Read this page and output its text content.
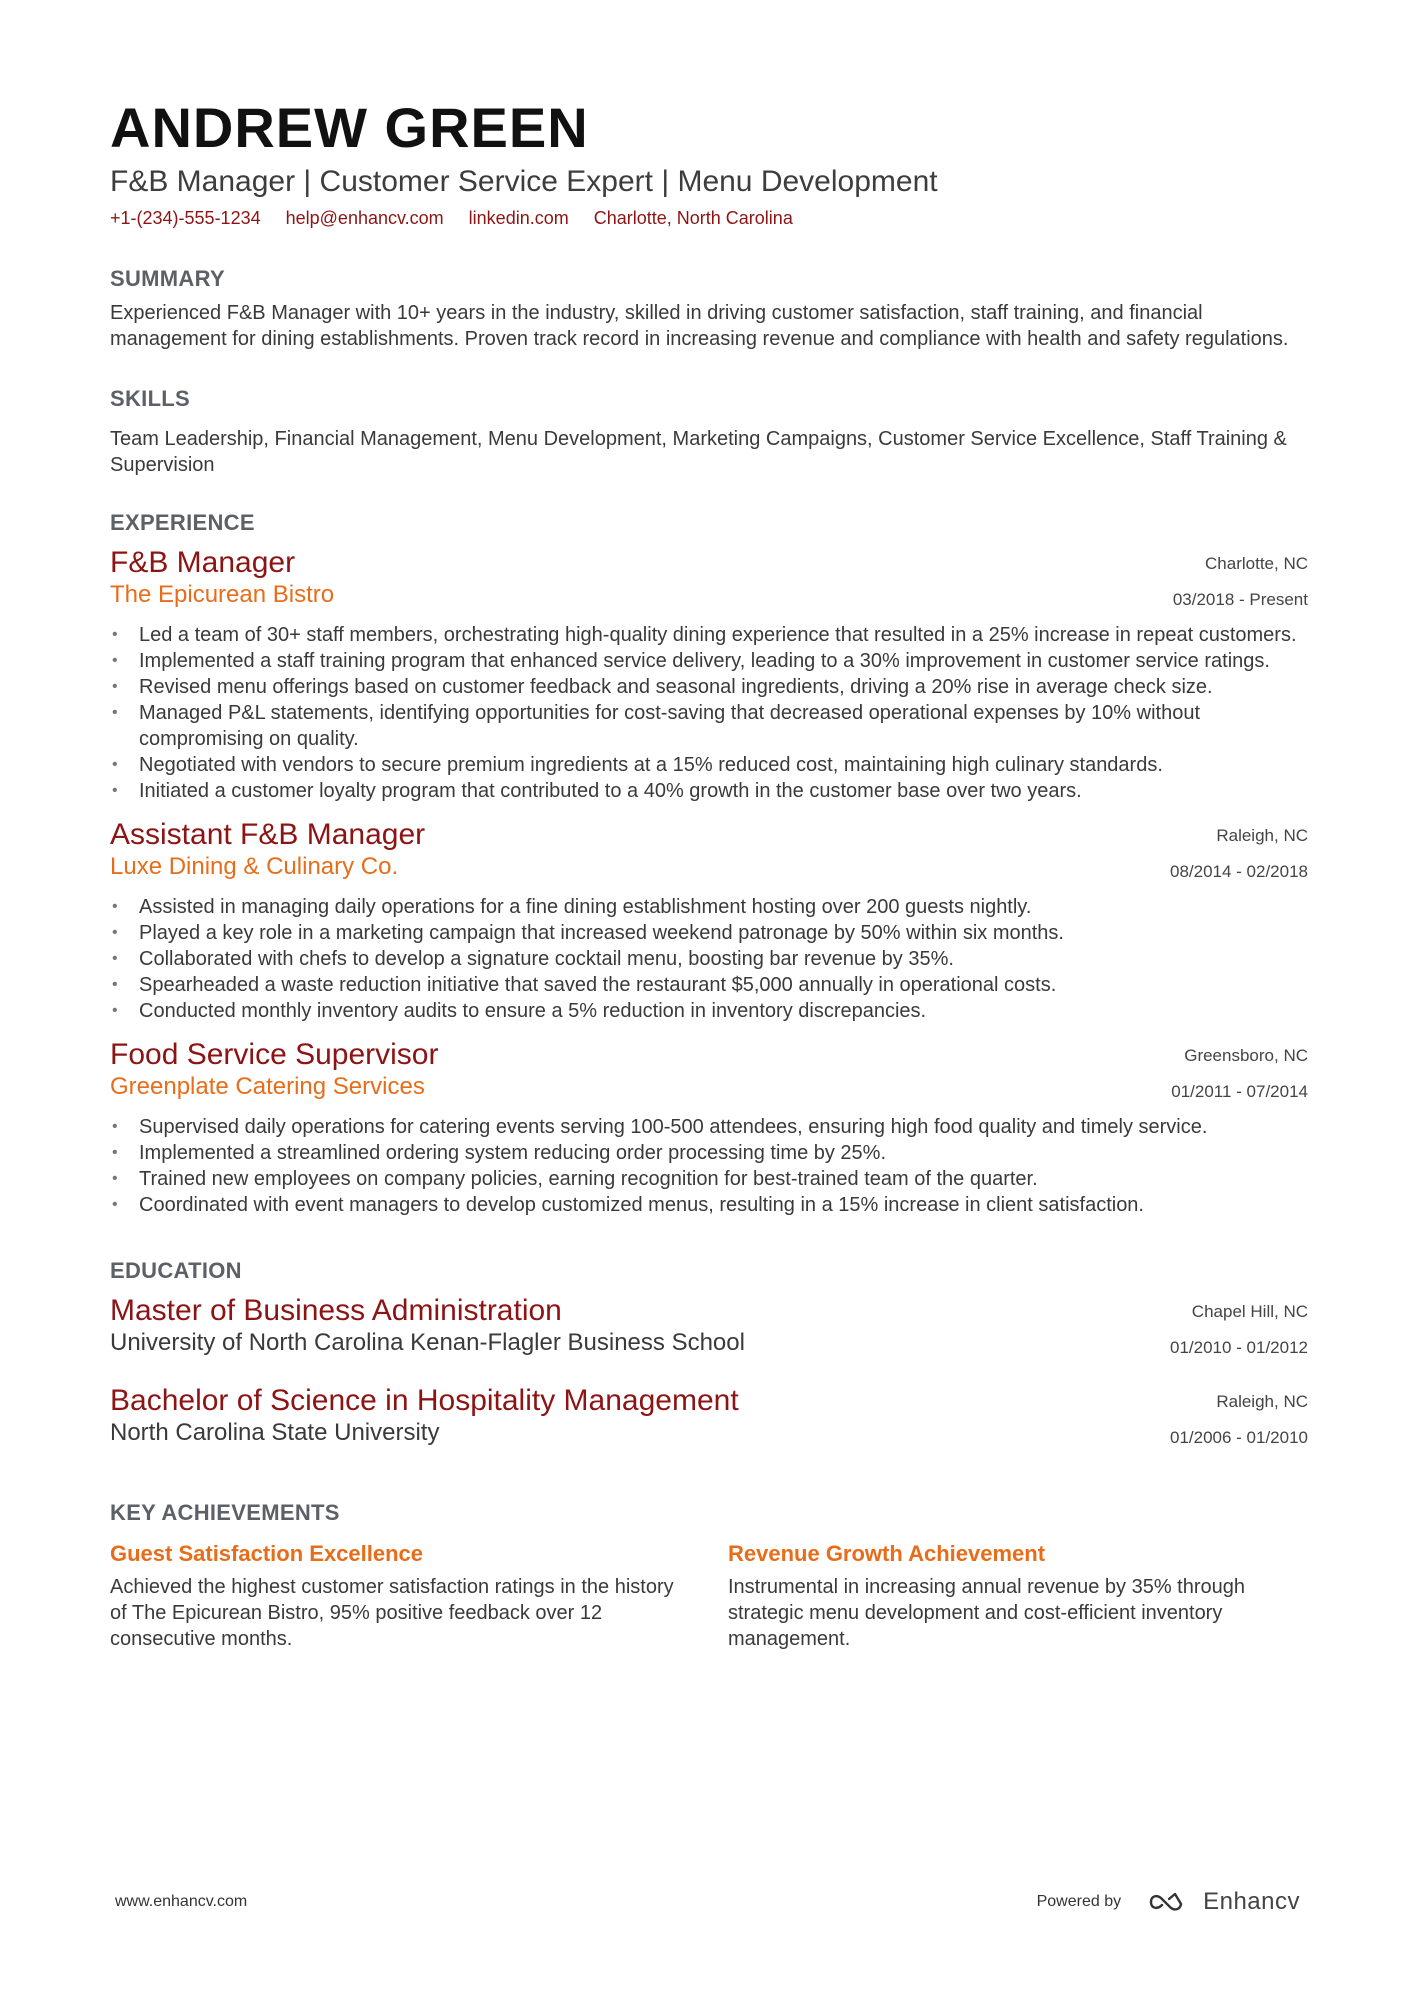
ANDREW GREEN
F&B Manager | Customer Service Expert | Menu Development
+1-(234)-555-1234 help@enhancv.com linkedin.com Charlotte, North Carolina
SUMMARY
Experienced F&B Manager with 10+ years in the industry, skilled in driving customer satisfaction, staff training, and financial management for dining establishments. Proven track record in increasing revenue and compliance with health and safety regulations.
SKILLS
Team Leadership, Financial Management, Menu Development, Marketing Campaigns, Customer Service Excellence, Staff Training & Supervision
EXPERIENCE
F&B Manager
The Epicurean Bistro
Charlotte, NC
03/2018 - Present
• Led a team of 30+ staff members, orchestrating high-quality dining experience that resulted in a 25% increase in repeat customers.
• Implemented a staff training program that enhanced service delivery, leading to a 30% improvement in customer service ratings.
• Revised menu offerings based on customer feedback and seasonal ingredients, driving a 20% rise in average check size.
• Managed P&L statements, identifying opportunities for cost-saving that decreased operational expenses by 10% without compromising on quality.
• Negotiated with vendors to secure premium ingredients at a 15% reduced cost, maintaining high culinary standards.
• Initiated a customer loyalty program that contributed to a 40% growth in the customer base over two years.
Assistant F&B Manager
Luxe Dining & Culinary Co.
Raleigh, NC
08/2014 - 02/2018
• Assisted in managing daily operations for a fine dining establishment hosting over 200 guests nightly.
• Played a key role in a marketing campaign that increased weekend patronage by 50% within six months.
• Collaborated with chefs to develop a signature cocktail menu, boosting bar revenue by 35%.
• Spearheaded a waste reduction initiative that saved the restaurant $5,000 annually in operational costs.
• Conducted monthly inventory audits to ensure a 5% reduction in inventory discrepancies.
Food Service Supervisor
Greenplate Catering Services
Greensboro, NC
01/2011 - 07/2014
• Supervised daily operations for catering events serving 100-500 attendees, ensuring high food quality and timely service.
• Implemented a streamlined ordering system reducing order processing time by 25%.
• Trained new employees on company policies, earning recognition for best-trained team of the quarter.
• Coordinated with event managers to develop customized menus, resulting in a 15% increase in client satisfaction.
EDUCATION
Master of Business Administration
University of North Carolina Kenan-Flagler Business School
Chapel Hill, NC
01/2010 - 01/2012
Bachelor of Science in Hospitality Management
North Carolina State University
Raleigh, NC
01/2006 - 01/2010
KEY ACHIEVEMENTS
Guest Satisfaction Excellence
Achieved the highest customer satisfaction ratings in the history of The Epicurean Bistro, 95% positive feedback over 12 consecutive months.
Revenue Growth Achievement
Instrumental in increasing annual revenue by 35% through strategic menu development and cost-efficient inventory management.
www.enhancv.com	Powered by	Enhancv
